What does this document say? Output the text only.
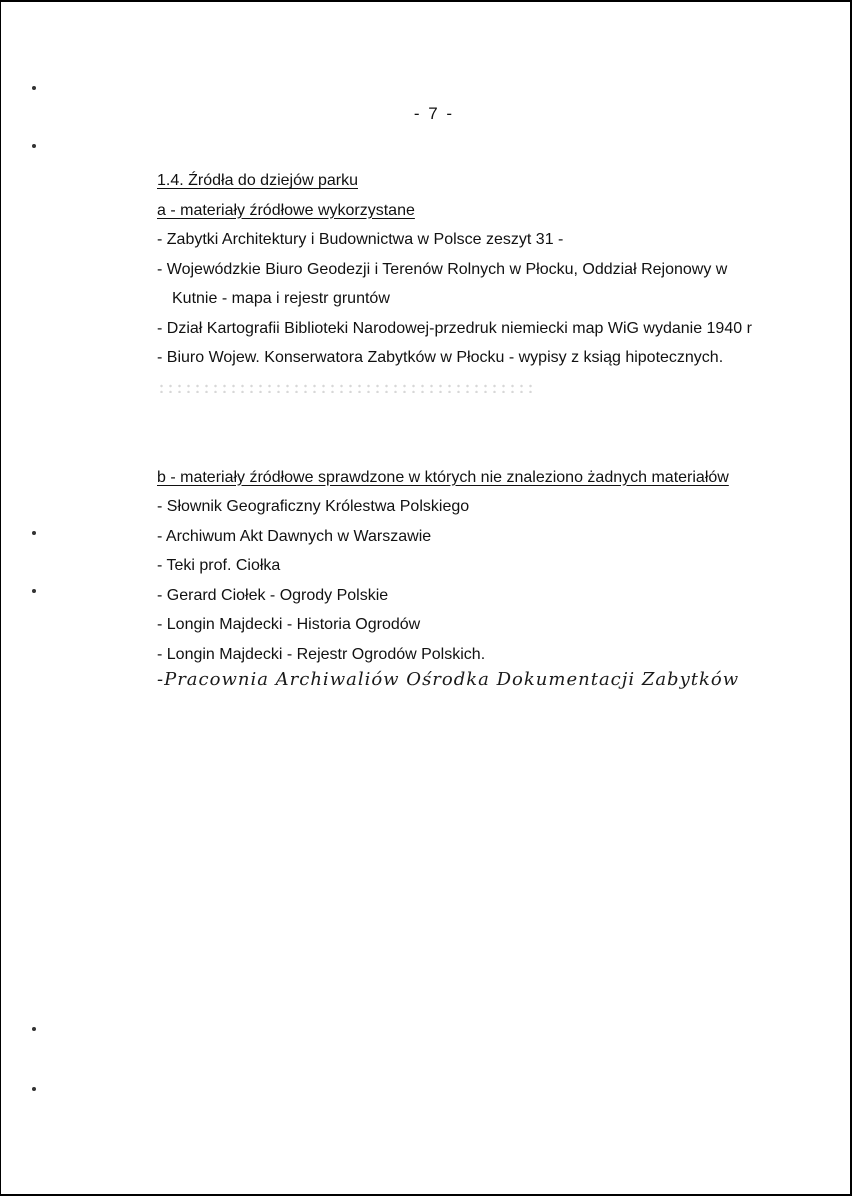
- 7 -

1.4. Źródła do dziejów parku

a - materiały źródłowe wykorzystane

- Zabytki Architektury i Budownictwa w Polsce zeszyt 31 -

- Wojewódzkie Biuro Geodezji i Terenów Rolnych w Płocku, Oddział Rejonowy w

Kutnie - mapa i rejestr gruntów

- Dział Kartografii Biblioteki Narodowej-przedruk niemiecki map WiG wydanie 1940 r

- Biuro Wojew. Konserwatora Zabytków w Płocku - wypisy z ksiąg hipotecznych.

b - materiały źródłowe sprawdzone w których nie znaleziono żadnych materiałów

- Słownik Geograficzny Królestwa Polskiego

- Archiwum Akt Dawnych w Warszawie

- Teki prof. Ciołka

- Gerard Ciołek - Ogrody Polskie

- Longin Majdecki - Historia Ogrodów

- Longin Majdecki - Rejestr Ogrodów Polskich.

-Pracownia Archiwaliów Ośrodka Dokumentacji Zabytków
